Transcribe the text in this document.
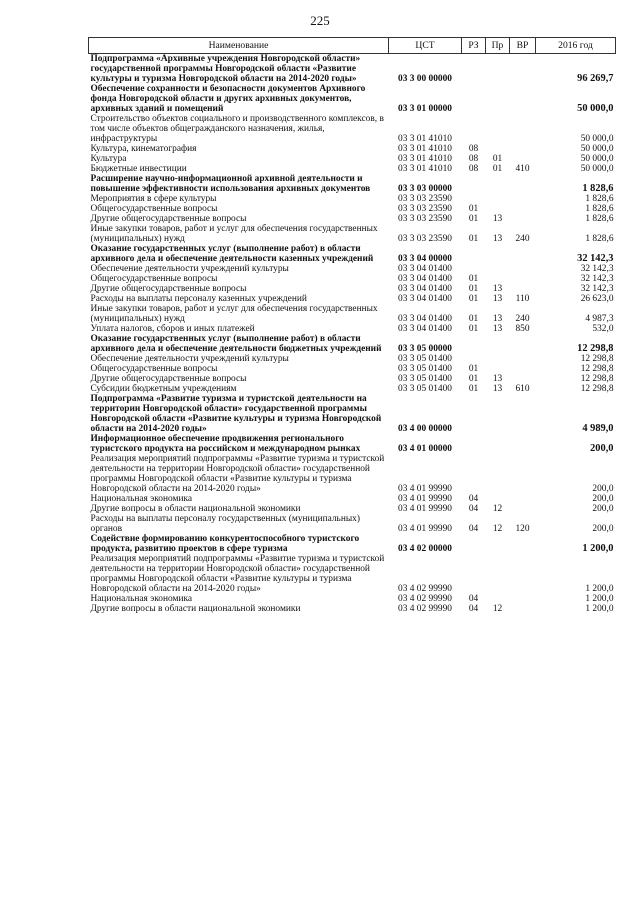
225
Наименование	ЦСТ	РЗ	Пр	ВР	2016 год
Подпрограмма «Архивные учреждения Новгородской области» государственной программы Новгородской области «Развитие культуры и туризма Новгородской области на 2014-2020 годы»	03 3 00 00000				96 269,7
Обеспечение сохранности и безопасности документов Архивного фонда Новгородской области и других архивных документов, архивных зданий и помещений	03 3 01 00000				50 000,0
Строительство объектов социального и производственного комплексов, в том числе объектов общегражданского назначения, жилья, инфраструктуры	03 3 01 41010				50 000,0
Культура, кинематография	03 3 01 41010	08			50 000,0
Культура	03 3 01 41010	08	01		50 000,0
Бюджетные инвестиции	03 3 01 41010	08	01	410	50 000,0
Расширение научно-информационной архивной деятельности и повышение эффективности использования архивных документов	03 3 03 00000				1 828,6
Мероприятия в сфере культуры	03 3 03 23590				1 828,6
Общегосударственные вопросы	03 3 03 23590	01			1 828,6
Другие общегосударственные вопросы	03 3 03 23590	01	13		1 828,6
Иные закупки товаров, работ и услуг для обеспечения государственных (муниципальных) нужд	03 3 03 23590	01	13	240	1 828,6
Оказание государственных услуг (выполнение работ) в области архивного дела и обеспечение деятельности казенных учреждений	03 3 04 00000				32 142,3
Обеспечение деятельности учреждений культуры	03 3 04 01400				32 142,3
Общегосударственные вопросы	03 3 04 01400	01			32 142,3
Другие общегосударственные вопросы	03 3 04 01400	01	13		32 142,3
Расходы на выплаты персоналу казенных учреждений	03 3 04 01400	01	13	110	26 623,0
Иные закупки товаров, работ и услуг для обеспечения государственных (муниципальных) нужд	03 3 04 01400	01	13	240	4 987,3
Уплата налогов, сборов и иных платежей	03 3 04 01400	01	13	850	532,0
Оказание государственных услуг (выполнение работ) в области архивного дела и обеспечение деятельности бюджетных учреждений	03 3 05 00000				12 298,8
Обеспечение деятельности учреждений культуры	03 3 05 01400				12 298,8
Общегосударственные вопросы	03 3 05 01400	01			12 298,8
Другие общегосударственные вопросы	03 3 05 01400	01	13		12 298,8
Субсидии бюджетным учреждениям	03 3 05 01400	01	13	610	12 298,8
Подпрограмма «Развитие туризма и туристской деятельности на территории Новгородской области» государственной программы Новгородской области «Развитие культуры и туризма Новгородской области на 2014-2020 годы»	03 4 00 00000				4 989,0
Информационное обеспечение продвижения регионального туристского продукта на российском и международном рынках	03 4 01 00000				200,0
Реализация мероприятий подпрограммы «Развитие туризма и туристской деятельности на территории Новгородской области» государственной программы Новгородской области «Развитие культуры и туризма Новгородской области на 2014-2020 годы»	03 4 01 99990				200,0
Национальная экономика	03 4 01 99990	04			200,0
Другие вопросы в области национальной экономики	03 4 01 99990	04	12		200,0
Расходы на выплаты персоналу государственных (муниципальных) органов	03 4 01 99990	04	12	120	200,0
Содействие формированию конкурентоспособного туристского продукта, развитию проектов в сфере туризма	03 4 02 00000				1 200,0
Реализация мероприятий подпрограммы «Развитие туризма и туристской деятельности на территории Новгородской области» государственной программы Новгородской области «Развитие культуры и туризма Новгородской области на 2014-2020 годы»	03 4 02 99990				1 200,0
Национальная экономика	03 4 02 99990	04			1 200,0
Другие вопросы в области национальной экономики	03 4 02 99990	04	12		1 200,0
